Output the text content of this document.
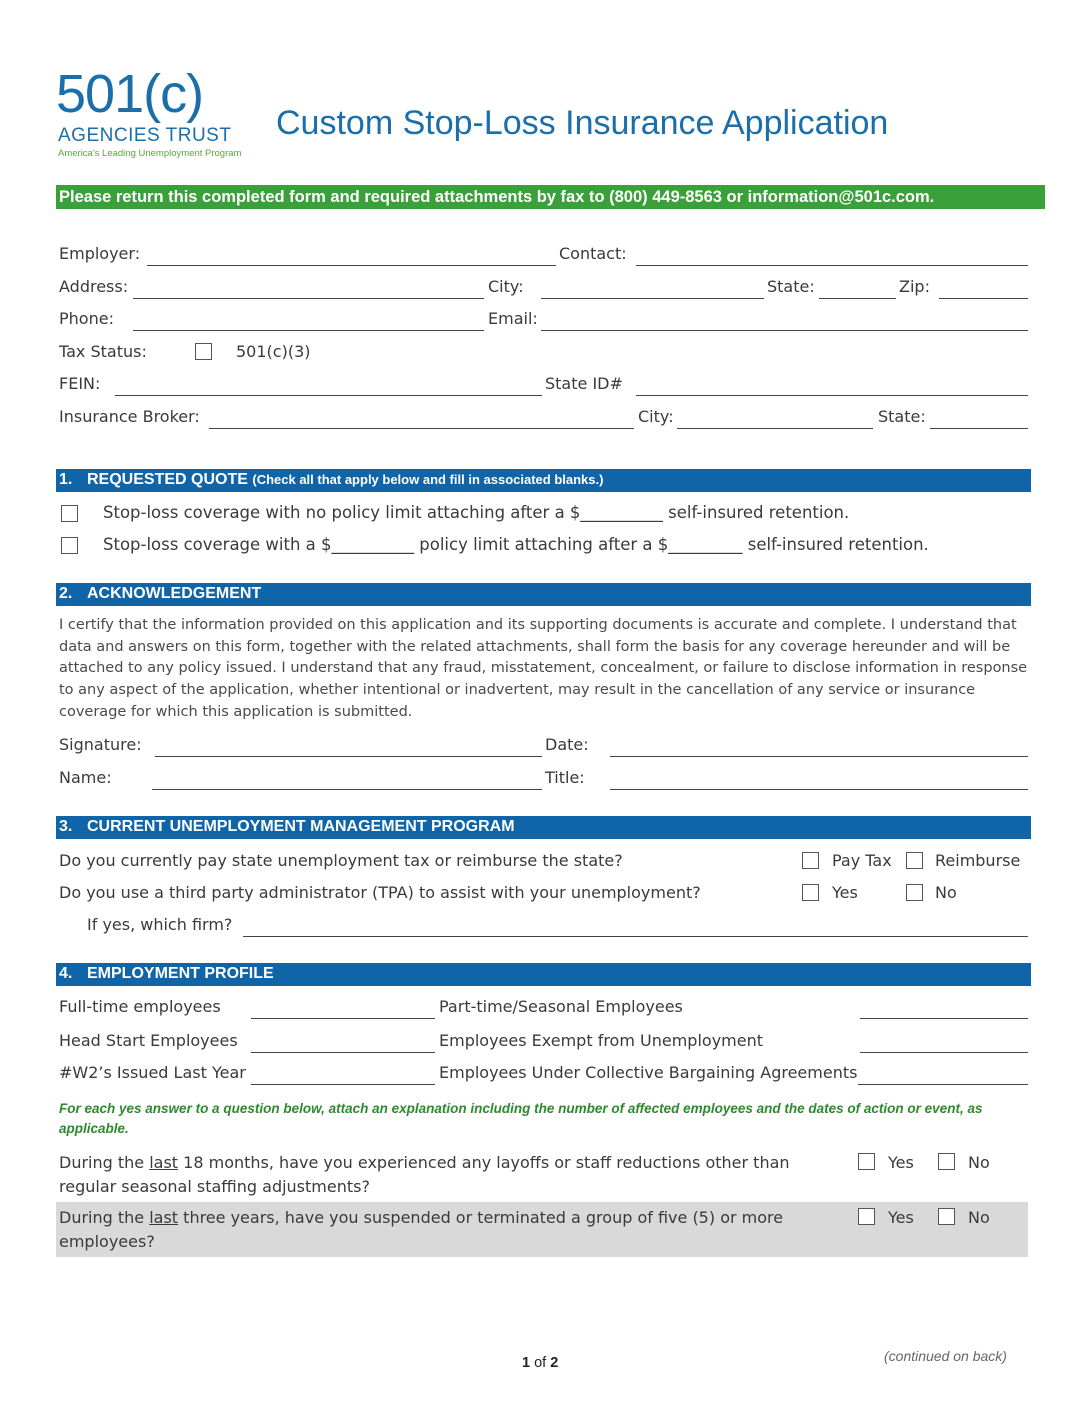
501(c)
AGENCIES TRUST
America's Leading Unemployment Program
Custom Stop-Loss Insurance Application
Please return this completed form and required attachments by fax to (800) 449-8563 or information@501c.com.
Employer:	Contact:
Address:	City:	State:	Zip:
Phone:	Email:
Tax Status:	501(c)(3)
FEIN:	State ID#
Insurance Broker:	City:	State:
1. REQUESTED QUOTE (Check all that apply below and fill in associated blanks.)
Stop-loss coverage with no policy limit attaching after a $__________ self-insured retention.
Stop-loss coverage with a $__________ policy limit attaching after a $_________ self-insured retention.
2. ACKNOWLEDGEMENT
I certify that the information provided on this application and its supporting documents is accurate and complete. I understand that data and answers on this form, together with the related attachments, shall form the basis for any coverage hereunder and will be attached to any policy issued. I understand that any fraud, misstatement, concealment, or failure to disclose information in response to any aspect of the application, whether intentional or inadvertent, may result in the cancellation of any service or insurance coverage for which this application is submitted.
Signature:	Date:
Name:	Title:
3. CURRENT UNEMPLOYMENT MANAGEMENT PROGRAM
Do you currently pay state unemployment tax or reimburse the state?	Pay Tax	Reimburse
Do you use a third party administrator (TPA) to assist with your unemployment?	Yes	No
If yes, which firm?
4. EMPLOYMENT PROFILE
Full-time employees	Part-time/Seasonal Employees
Head Start Employees	Employees Exempt from Unemployment
#W2’s Issued Last Year	Employees Under Collective Bargaining Agreements
For each yes answer to a question below, attach an explanation including the number of affected employees and the dates of action or event, as applicable.
During the last 18 months, have you experienced any layoffs or staff reductions other than regular seasonal staffing adjustments?
Yes	No
During the last three years, have you suspended or terminated a group of five (5) or more employees?
Yes	No
1 of 2	(continued on back)
